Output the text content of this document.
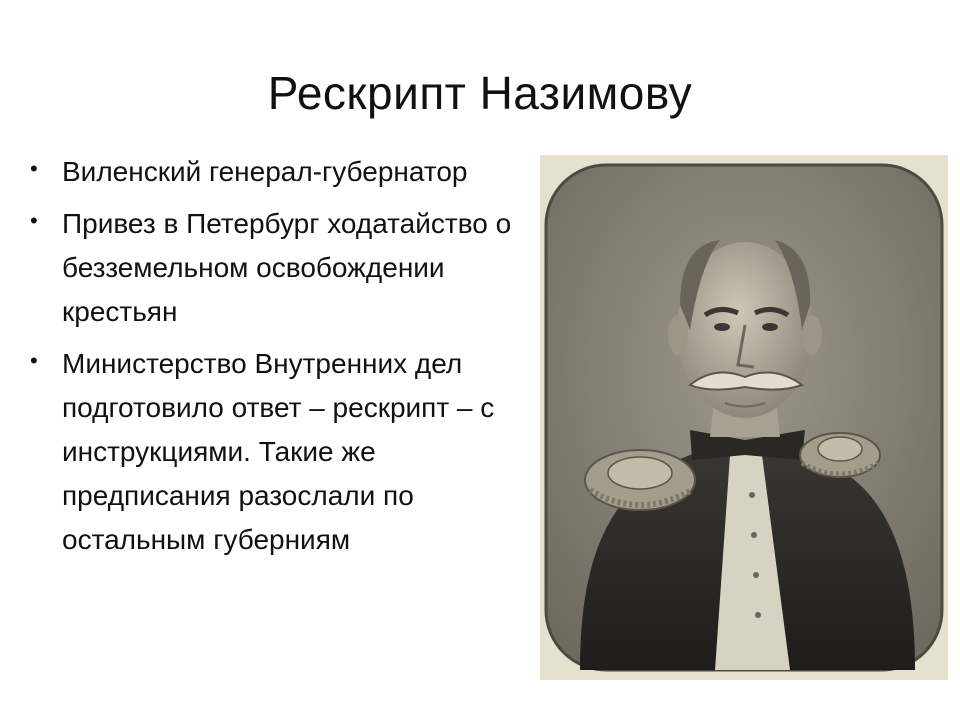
Рескрипт Назимову
• Виленский генерал-губернатор
• Привез в Петербург ходатайство о безземельном освобождении крестьян
• Министерство Внутренних дел подготовило ответ – рескрипт – с инструкциями. Такие же предписания разослали по остальным губерниям
